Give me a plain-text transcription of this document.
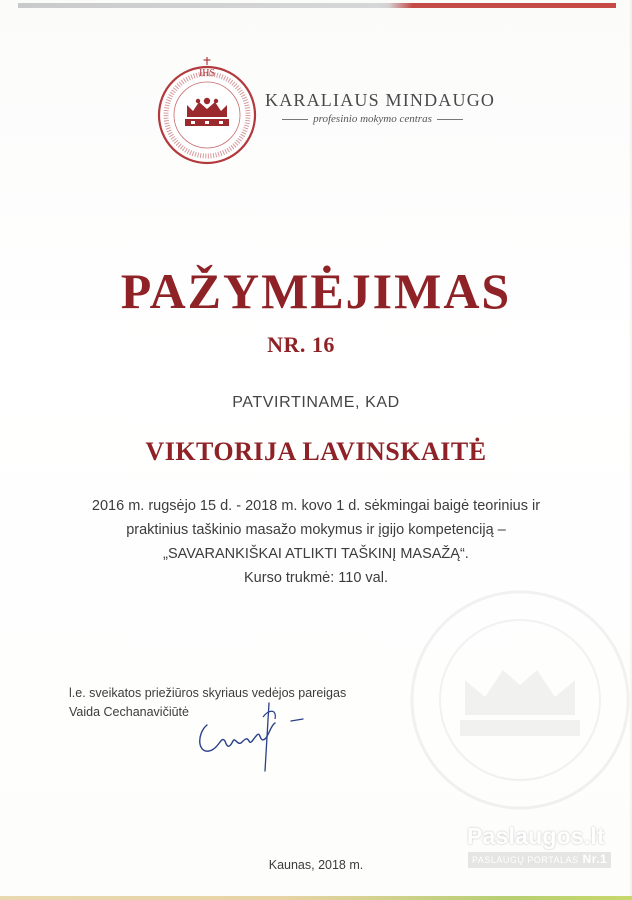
IHS
KARALIAUS MINDAUGO
profesinio mokymo centras
PAŽYMĖJIMAS
NR. 16
PATVIRTINAME, KAD
VIKTORIJA LAVINSKAITĖ
2016 m. rugsėjo 15 d. - 2018 m. kovo 1 d. sėkmingai baigė teorinius ir
praktinius taškinio masažo mokymus ir įgijo kompetenciją –
„SAVARANKIŠKAI ATLIKTI TAŠKINĮ MASAŽĄ“.
Kurso trukmė: 110 val.
l.e. sveikatos priežiūros skyriaus vedėjos pareigas
Vaida Cechanavičiūtė
Kaunas, 2018 m.
Paslaugos.lt
PASLAUGŲ PORTALAS Nr.1
